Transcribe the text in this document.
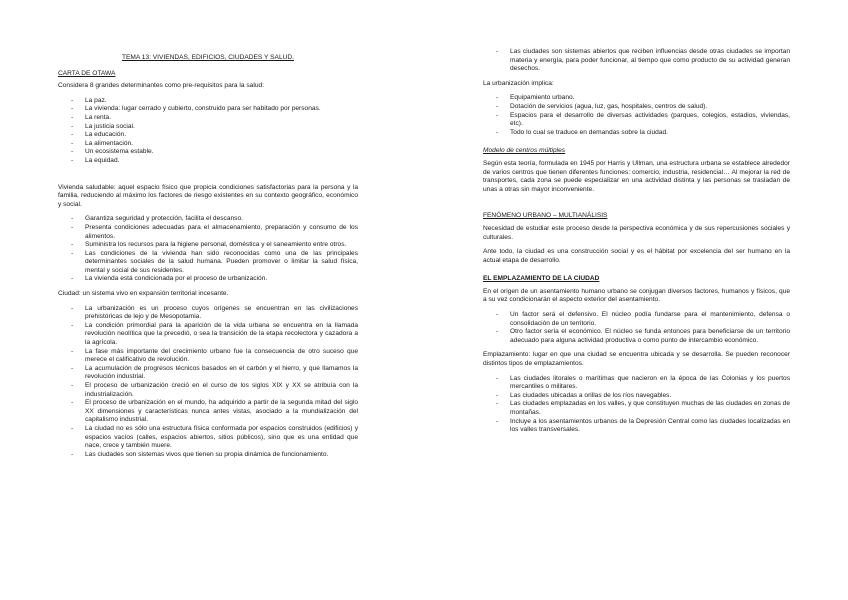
TEMA 13: VIVIENDAS, EDIFICIOS, CIUDADES Y SALUD.

CARTA DE OTAWA

Considera 8 grandes determinantes como pre-requisitos para la salud:

- La paz.
- La vivienda: lugar cerrado y cubierto, construido para ser habitado por personas.
- La renta.
- La justicia social.
- La educación.
- La alimentación.
- Un ecosistema estable.
- La equidad.

Vivienda saludable: aquel espacio físico que propicia condiciones satisfactorias para la persona y la familia, reduciendo al máximo los factores de riesgo existentes en su contexto geográfico, económico y social.

- Garantiza seguridad y protección, facilita el descanso.
- Presenta condiciones adecuadas para el almacenamiento, preparación y consumo de los alimentos.
- Suministra los recursos para la higiene personal, doméstica y el saneamiento entre otros.
- Las condiciones de la vivienda han sido reconocidas como una de las principales determinantes sociales de la salud humana. Pueden promover o limitar la salud física, mental y social de sus residentes.
- La vivienda está condicionada por el proceso de urbanización.

Ciudad: un sistema vivo en expansión territorial incesante.

- La urbanización es un proceso cuyos orígenes se encuentran en las civilizaciones prehistóricas de lejo y de Mesopotamia.
- La condición primordial para la aparición de la vida urbana se encuentra en la llamada revolución neolítica que la precedió, o sea la transición de la etapa recolectora y cazadora a la agrícola.
- La fase más importante del crecimiento urbano fue la consecuencia de otro suceso que merece el calificativo de revolución.
- La acumulación de progresos técnicos basados en el carbón y el hierro, y que llamamos la revolución industrial.
- El proceso de urbanización creció en el curso de los siglos XIX y XX se atribuía con la industrialización.
- El proceso de urbanización en el mundo, ha adquirido a partir de la segunda mitad del siglo XX dimensiones y características nunca antes vistas, asociado a la mundialización del capitalismo industrial.
- La ciudad no es sólo una estructura física conformada por espacios construidos (edificios) y espacios vacíos (calles, espacios abiertos, sitios públicos), sino que es una entidad que nace, crece y también muere.
- Las ciudades son sistemas vivos que tienen su propia dinámica de funcionamiento.
- Las ciudades son sistemas abiertos que reciben influencias desde otras ciudades se importan materia y energía, para poder funcionar, al tiempo que como producto de su actividad generan desechos.

La urbanización implica:

- Equipamiento urbano.
- Dotación de servicios (agua, luz, gas, hospitales, centros de salud).
- Espacios para el desarrollo de diversas actividades (parques, colegios, estadios, viviendas, etc).
- Todo lo cual se traduce en demandas sobre la ciudad.

Modelo de centros múltiples

Según esta teoría, formulada en 1945 por Harris y Ullman, una estructura urbana se establece alrededor de varios centros que tienen diferentes funciones: comercio, industria, residencial… Al mejorar la red de transportes, cada zona se puede especializar en una actividad distinta y las personas se trasladan de unas a otras sin mayor inconveniente.

FENÓMENO URBANO – MULTIANÁLISIS

Necesidad de estudiar este proceso desde la perspectiva económica y de sus repercusiones sociales y culturales.

Ante todo, la ciudad es una construcción social y es el hábitat por excelencia del ser humano en la actual etapa de desarrollo.

EL EMPLAZAMIENTO DE LA CIUDAD

En el origen de un asentamiento humano urbano se conjugan diversos factores, humanos y físicos, que a su vez condicionarán el aspecto exterior del asentamiento.

- Un factor será el defensivo. El núcleo podía fundarse para el mantenimiento, defensa o consolidación de un territorio.
- Otro factor sería el económico. El núcleo se funda entonces para beneficiarse de un territorio adecuado para alguna actividad productiva o como punto de intercambio económico.

Emplazamiento: lugar en que una ciudad se encuentra ubicada y se desarrolla. Se pueden reconocer distintos tipos de emplazamientos.

- Las ciudades litorales o marítimas que nacieron en la época de las Colonias y los puertos mercantiles o militares.
- Las ciudades ubicadas a orillas de los ríos navegables.
- Las ciudades emplazadas en los valles, y que constituyen muchas de las ciudades en zonas de montañas.
- Incluye a los asentamientos urbanos de la Depresión Central como las ciudades localizadas en los valles transversales.
